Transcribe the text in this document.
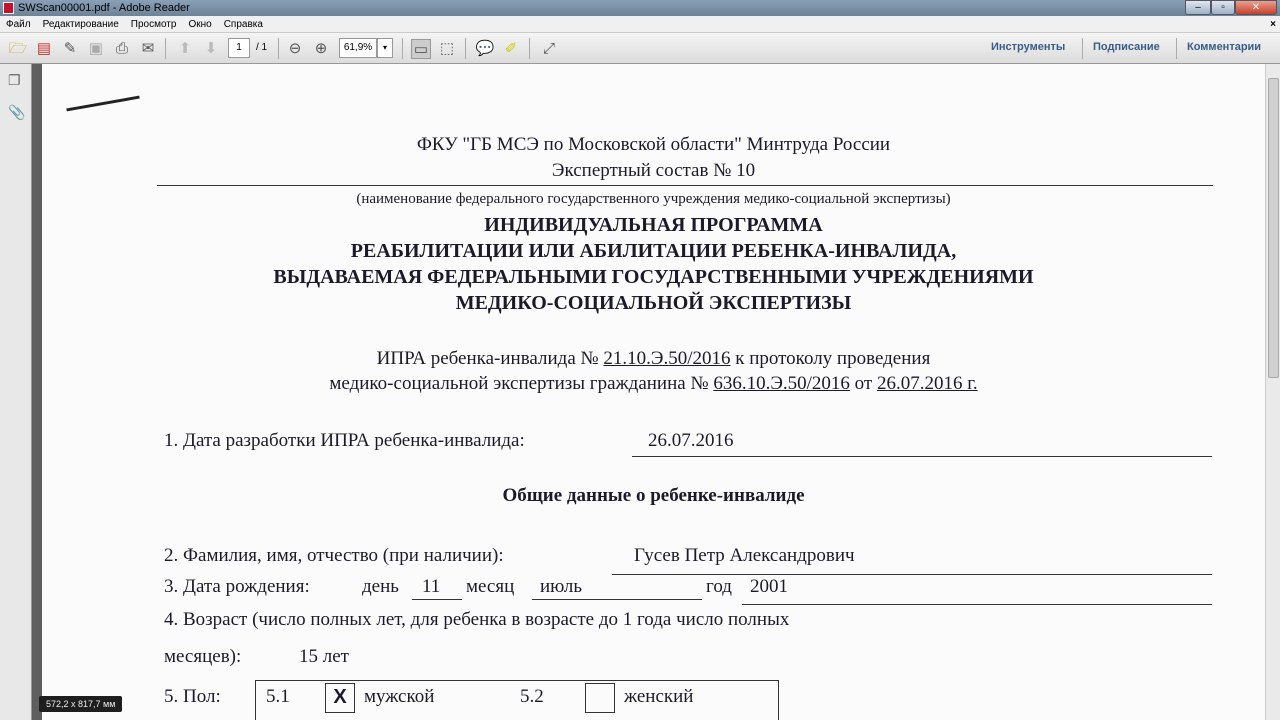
SWScan00001.pdf - Adobe Reader	–	▫	✕
Файл Редактирование Просмотр Окно Справка	×
🗁 ▤ ✎ ▣ ⎙ ✉ ⬆ ⬇	1	/ 1 ⊖ ⊕	61,9%	▾	▭ ⬚ 💬 ✐ ⤢	Инструменты	Подписание Комментарии
❐
📎
ФКУ "ГБ МСЭ по Московской области" Минтруда России
Экспертный состав № 10
(наименование федерального государственного учреждения медико-социальной экспертизы)
ИНДИВИДУАЛЬНАЯ ПРОГРАММА
РЕАБИЛИТАЦИИ ИЛИ АБИЛИТАЦИИ РЕБЕНКА-ИНВАЛИДА,
ВЫДАВАЕМАЯ ФЕДЕРАЛЬНЫМИ ГОСУДАРСТВЕННЫМИ УЧРЕЖДЕНИЯМИ
МЕДИКО-СОЦИАЛЬНОЙ ЭКСПЕРТИЗЫ
ИПРА ребенка-инвалида № 21.10.Э.50/2016 к протоколу проведения
медико-социальной экспертизы гражданина № 636.10.Э.50/2016 от 26.07.2016 г.
1. Дата разработки ИПРА ребенка-инвалида:	26.07.2016
Общие данные о ребенке-инвалиде
2. Фамилия, имя, отчество (при наличии):	Гусев Петр Александрович
3. Дата рождения:	день 11 месяц июль	год 2001
4. Возраст (число полных лет, для ребенка в возрасте до 1 года число полных
месяцев):	15 лет
5. Пол: 5.1	X мужской	5.2	женский
572,2 x 817,7 мм
